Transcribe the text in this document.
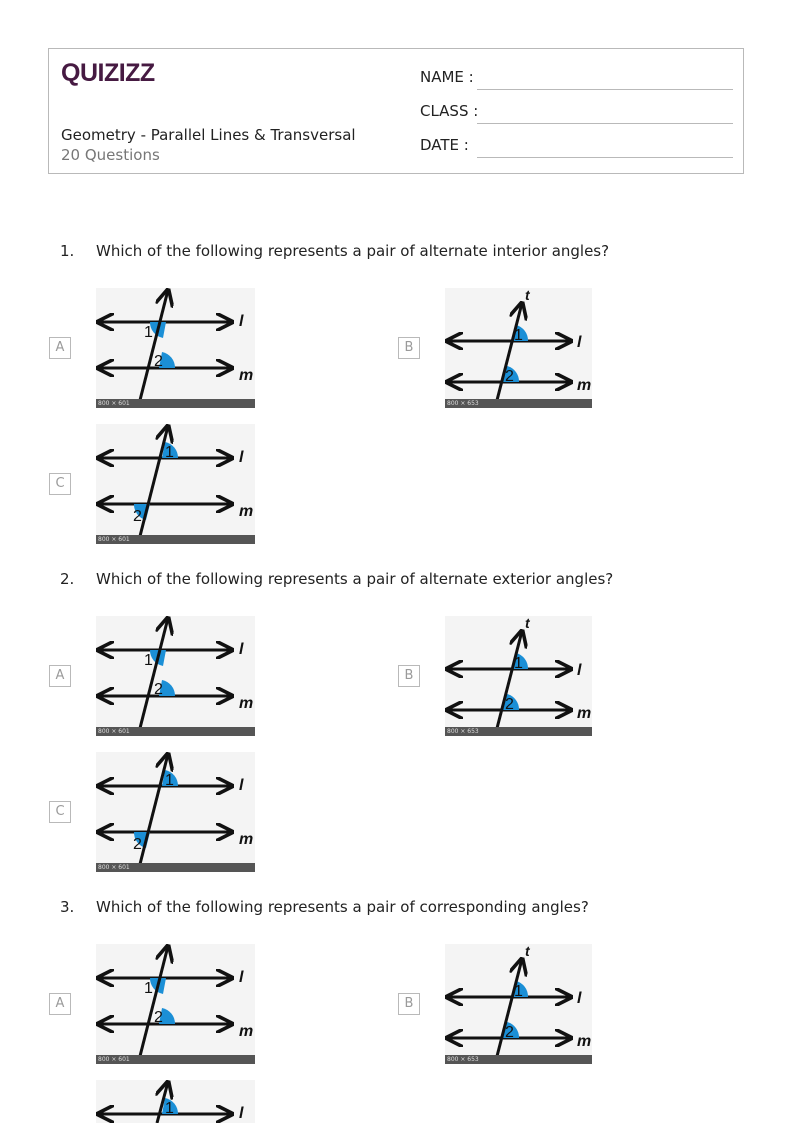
QUIZIZZ
Geometry - Parallel Lines & Transversal
20 Questions
NAME :
CLASS :
DATE :
1. Which of the following represents a pair of alternate interior angles?
A
1
2
l
m
800 × 601
B
1
2
t
l
m
800 × 653
C
1
2
l
m
800 × 601
2. Which of the following represents a pair of alternate exterior angles?
A
1
2
l
m
800 × 601
B
1
2
t
l
m
800 × 653
C
1
2
l
m
800 × 601
3. Which of the following represents a pair of corresponding angles?
A
1
2
l
m
800 × 601
B
1
2
t
l
m
800 × 653
1	l
